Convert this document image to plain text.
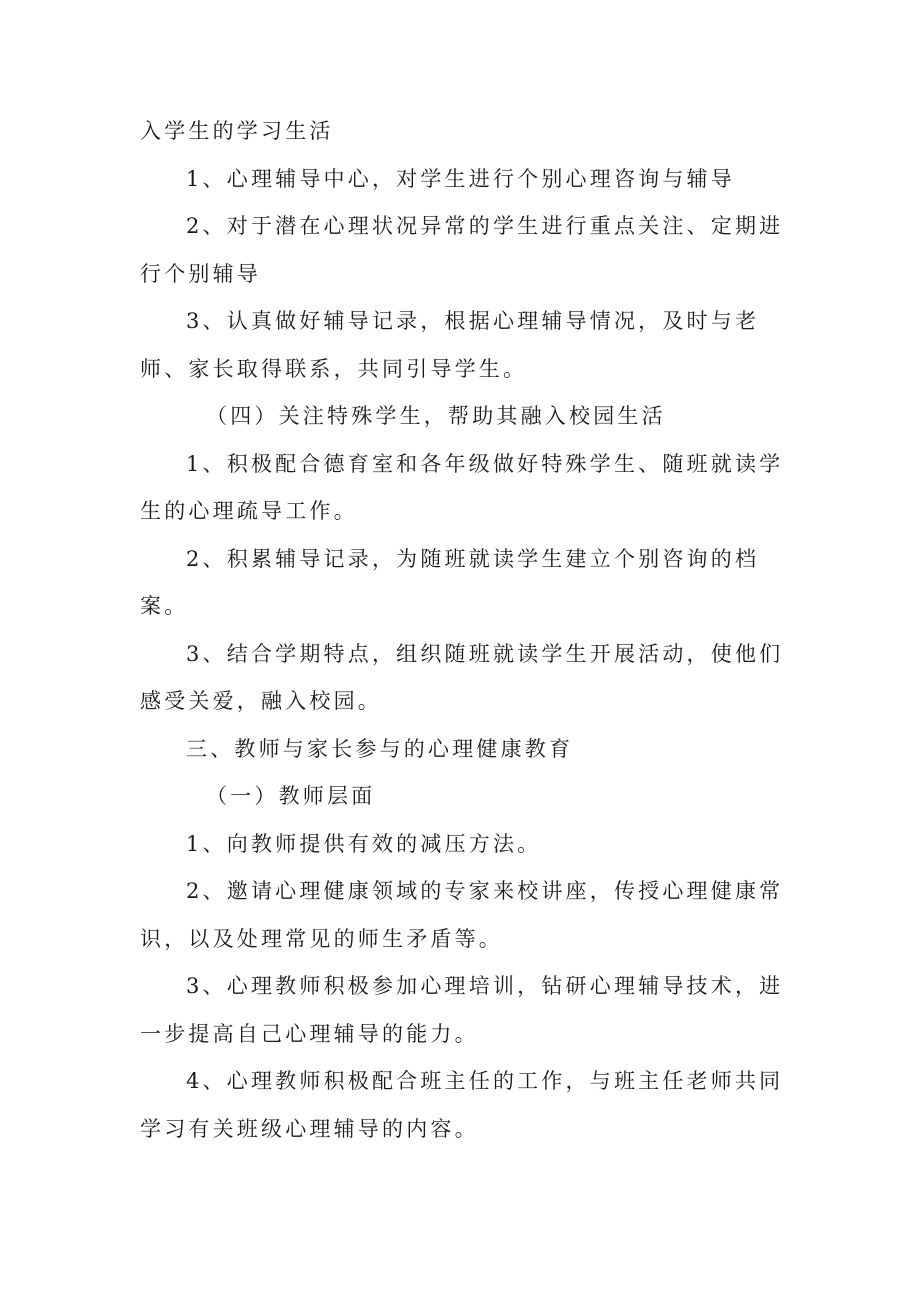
入学生的学习生活

1、心理辅导中心，对学生进行个别心理咨询与辅导

2、对于潜在心理状况异常的学生进行重点关注、定期进行个别辅导

3、认真做好辅导记录，根据心理辅导情况，及时与老师、家长取得联系，共同引导学生。

（四）关注特殊学生，帮助其融入校园生活

1、积极配合德育室和各年级做好特殊学生、随班就读学生的心理疏导工作。

2、积累辅导记录，为随班就读学生建立个别咨询的档案。

3、结合学期特点，组织随班就读学生开展活动，使他们感受关爱，融入校园。

三、教师与家长参与的心理健康教育

（一）教师层面

1、向教师提供有效的减压方法。

2、邀请心理健康领域的专家来校讲座，传授心理健康常识，以及处理常见的师生矛盾等。

3、心理教师积极参加心理培训，钻研心理辅导技术，进一步提高自己心理辅导的能力。

4、心理教师积极配合班主任的工作，与班主任老师共同学习有关班级心理辅导的内容。
